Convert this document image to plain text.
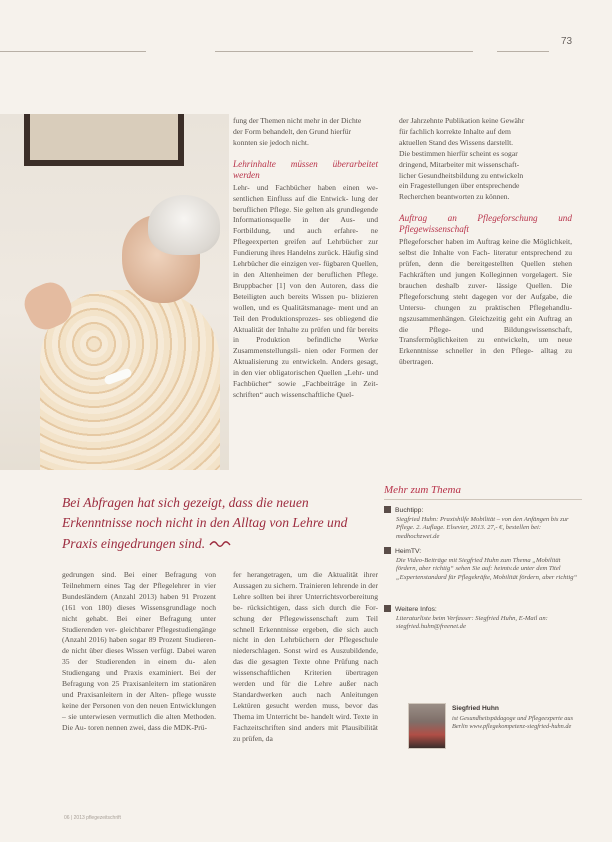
73
fung der Themen nicht mehr in der Dichte
der Form behandelt, den Grund hierfür
konnten sie jedoch nicht.
Lehrinhalte müssen überarbeitet werden

Lehr- und Fachbücher haben einen we- sentlichen Einfluss auf die Entwick- lung der beruflichen Pflege. Sie gelten als grundlegende Informationsquelle in der Aus- und Fortbildung, und auch erfahre- ne Pflegeexperten greifen auf Lehrbücher zur Fundierung ihres Handelns zurück. Häufig sind Lehrbücher die einzigen ver- fügbaren Quellen, in den Altenheimen der beruflichen Pflege. Bruppbacher [1] von den Autoren, dass die Beteiligten auch bereits Wissen pu- blizieren wollen, und es Qualitätsmanage- ment und an Teil den Produktionsprozes- ses obliegend die Aktualität der Inhalte zu prüfen und für bereits in Produktion befindliche Werke Zusammenstellungsli- nien oder Formen der Aktualisierung zu entwickeln. Anders gesagt, in den vier obligatorischen Quellen „Lehr- und Fachbücher“ sowie „Fachbeiträge in Zeit- schriften“ auch wissenschaftliche Quel-

der Jahrzehnte Publikation keine Gewähr
für fachlich korrekte Inhalte auf dem
aktuellen Stand des Wissens darstellt.
Die bestimmen hierfür scheint es sogar
dringend, Mitarbeiter mit wissenschaft-
licher Gesundheitsbildung zu entwickeln
ein Fragestellungen über entsprechende
Recherchen beantworten zu können.
Auftrag an Pflegeforschung und Pflegewissenschaft

Pflegeforscher haben im Auftrag keine die Möglichkeit, selbst die Inhalte von Fach- literatur entsprechend zu prüfen, denn die bereitgestellten Quellen stehen Fachkräften und jungen Kolleginnen vorgelagert. Sie brauchen deshalb zuver- lässige Quellen. Die Pflegeforschung steht dagegen vor der Aufgabe, die Untersu- chungen zu praktischen Pflegehandlu- ngszusammenhängen. Gleichzeitig geht ein Auftrag an die Pflege- und Bildungswissenschaft, Transfermöglichkeiten zu entwickeln, um neue Erkenntnisse schneller in den Pflege- alltag zu übertragen.

Bei Abfragen hat sich gezeigt, dass die neuen Erkenntnisse noch nicht in den Alltag von Lehre und Praxis eingedrungen sind.

gedrungen sind. Bei einer Befragung von Teilnehmern eines Tag der Pflegelehrer in vier Bundesländern (Anzahl 2013) haben 91 Prozent (161 von 180) dieses Wissensgrundlage noch nicht gehabt. Bei einer Befragung unter Studierenden ver- gleichbarer Pflegestudiengänge (Anzahl 2016) haben sogar 89 Prozent Studieren- de nicht über dieses Wissen verfügt. Dabei waren 35 der Studierenden in einem du- alen Studiengang und Praxis examiniert. Bei der Befragung von 25 Praxisanleitern im stationären und Praxisanleitern in der Alten- pflege wusste keine der Personen von den neuen Entwicklungen – sie unterwiesen vermutlich die alten Methoden. Die Au- toren nennen zwei, dass die MDK-Prü-

fer herangetragen, um die Aktualität ihrer Aussagen zu sichern. Trainieren lehrende in der Lehre sollten bei ihrer Unterrichtsvorbereitung be- rücksichtigen, dass sich durch die For- schung der Pflegewissenschaft zum Teil schnell Erkenntnisse ergeben, die sich auch nicht in den Lehrbüchern der Pflegeschule niederschlagen. Sonst wird es Auszubildende, das die gesagten Texte ohne Prüfung nach wissenschaftlichen Kriterien übertragen werden und für die Lehre außer nach Standardwerken auch nach Anleitungen Lektüren gesucht werden muss, bevor das Thema im Unterricht be- handelt wird. Texte in Fachzeitschriften sind anders mit Plausibilität zu prüfen, da

Mehr zum Thema
Buchtipp:
Siegfried Huhn: Praxishilfe Mobilität – von den Anfängen bis zur Pflege. 2. Auflage. Elsevier, 2013. 27,- €, bestellen bei: medhochzwei.de
HeimTV:
Die Video-Beiträge mit Siegfried Huhn zum Thema „Mobilität fördern, aber richtig“ sehen Sie auf: heimtv.de unter dem Titel „Expertenstandard für Pflegekräfte, Mobilität fördern, aber richtig“
Weitere Infos:
Literaturliste beim Verfasser: Siegfried Huhn, E-Mail an: siegfried.huhn@freenet.de
Siegfried Huhn
ist Gesundheitspädagoge und Pflegeexperte aus Berlin www.pflegekompetenz-siegfried-huhn.de
06 | 2013 pflegezeitschrift
